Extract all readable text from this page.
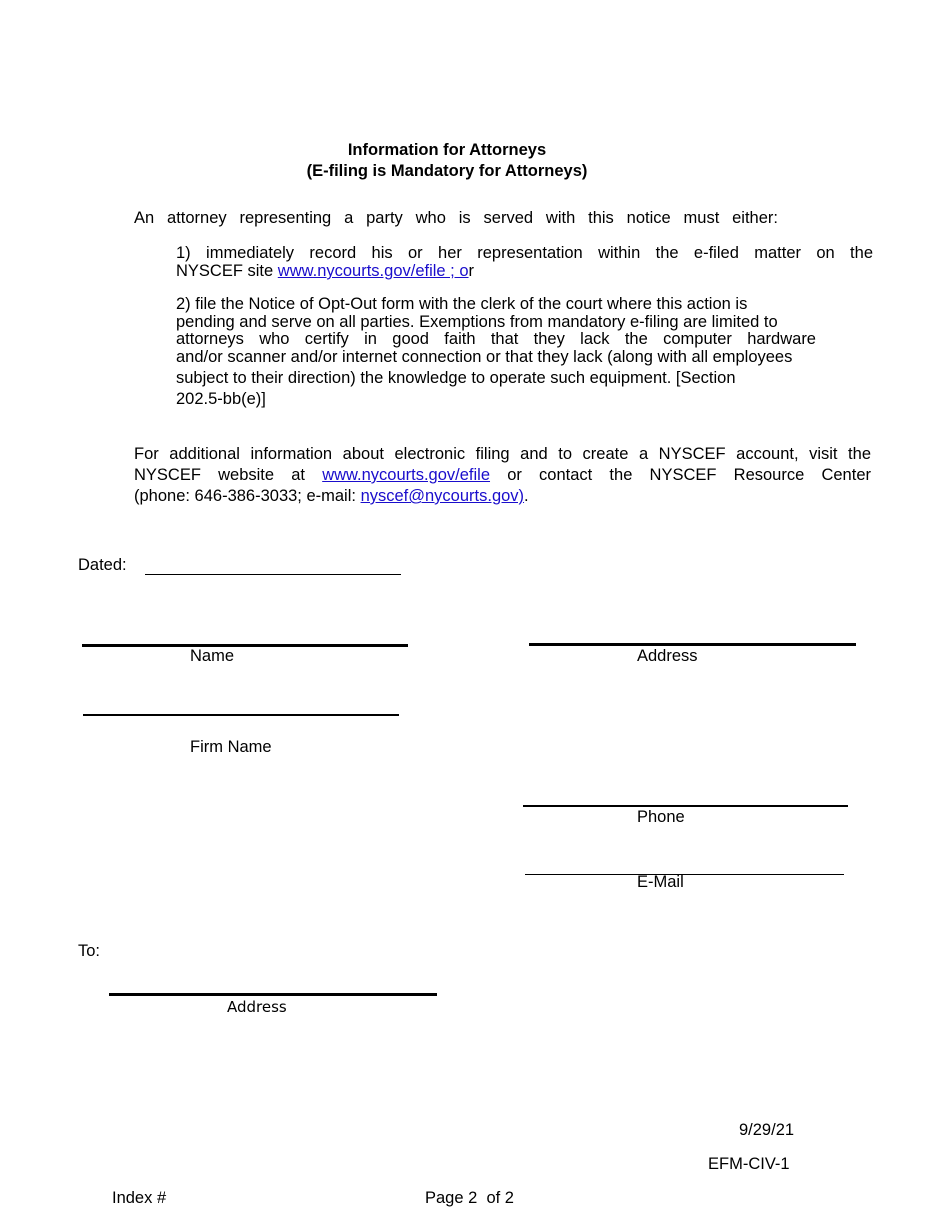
Information for Attorneys
(E-filing is Mandatory for Attorneys)
An attorney representing a party who is served with this notice must either:
1) immediately record his or her representation within the e-filed matter on the
NYSCEF site www.nycourts.gov/efile ; or
2) file the Notice of Opt-Out form with the clerk of the court where this action is
pending and serve on all parties. Exemptions from mandatory e-filing are limited to
attorneys who certify in good faith that they lack the computer hardware
and/or scanner and/or internet connection or that they lack (along with all employees
subject to their direction) the knowledge to operate such equipment. [Section
202.5-bb(e)]
For additional information about electronic filing and to create a NYSCEF account, visit the
NYSCEF website at www.nycourts.gov/efile or contact the NYSCEF Resource Center
(phone: 646-386-3033; e-mail: nyscef@nycourts.gov).
Dated:
Name	Address
Firm Name
Phone
E-Mail
To:
Address
9/29/21
EFM-CIV-1
Index #	Page 2  of 2
